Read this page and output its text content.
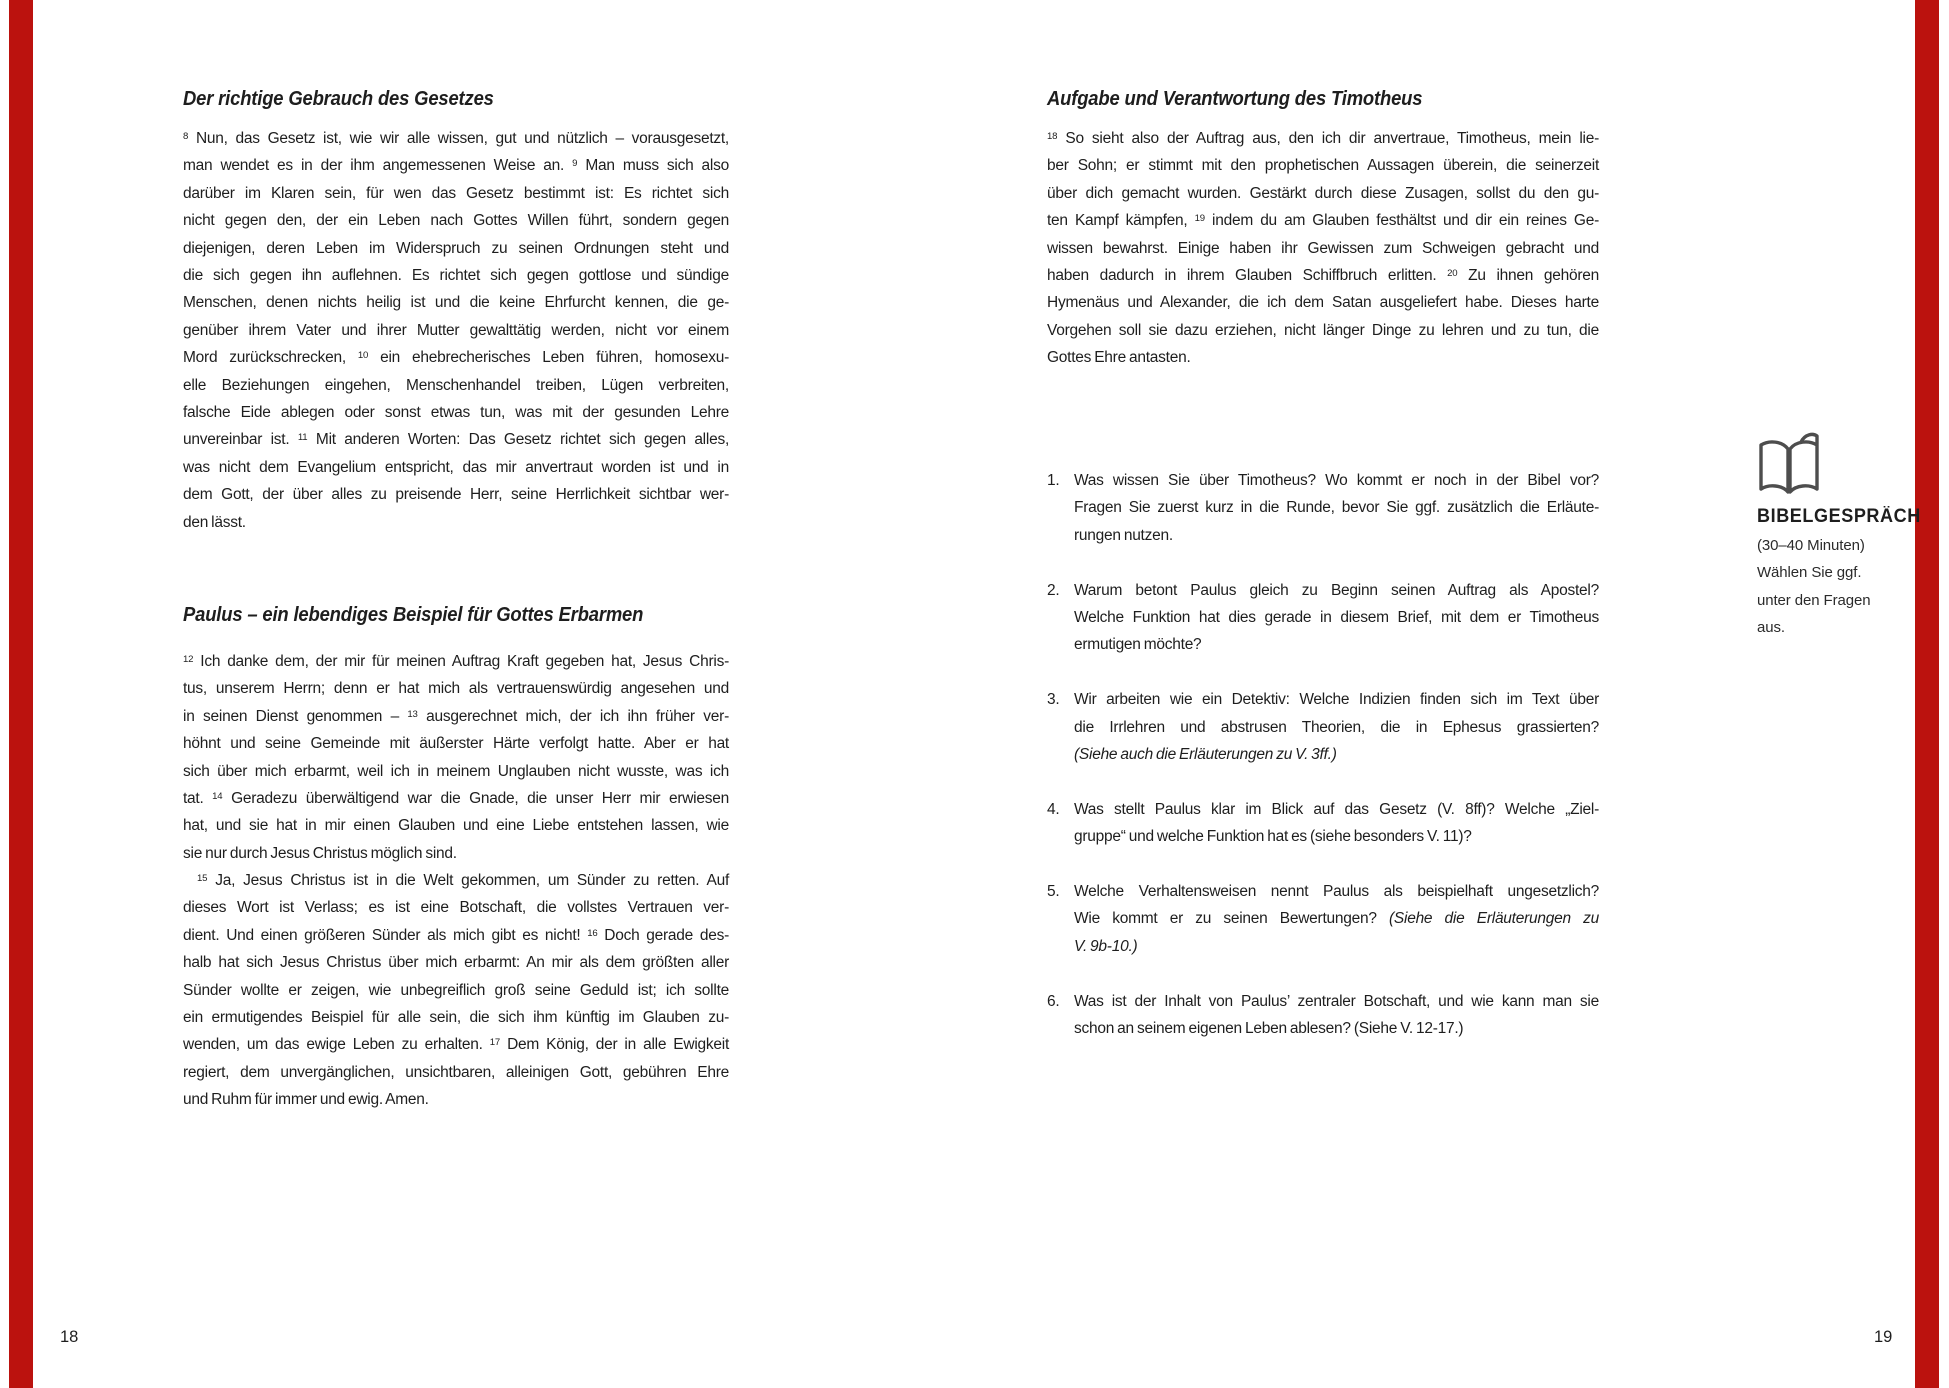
Der richtige Gebrauch des Gesetzes
$^8$ Nun, das Gesetz ist, wie wir alle wissen, gut und nützlich – vorausgesetzt,
man wendet es in der ihm angemessenen Weise an. $^9$ Man muss sich also
darüber im Klaren sein, für wen das Gesetz bestimmt ist: Es richtet sich
nicht gegen den, der ein Leben nach Gottes Willen führt, sondern gegen
diejenigen, deren Leben im Widerspruch zu seinen Ordnungen steht und
die sich gegen ihn auflehnen. Es richtet sich gegen gottlose und sündige
Menschen, denen nichts heilig ist und die keine Ehrfurcht kennen, die ge-
genüber ihrem Vater und ihrer Mutter gewalttätig werden, nicht vor einem
Mord zurückschrecken, $^{10}$ ein ehebrecherisches Leben führen, homosexu-
elle Beziehungen eingehen, Menschenhandel treiben, Lügen verbreiten,
falsche Eide ablegen oder sonst etwas tun, was mit der gesunden Lehre
unvereinbar ist. $^{11}$ Mit anderen Worten: Das Gesetz richtet sich gegen alles,
was nicht dem Evangelium entspricht, das mir anvertraut worden ist und in
dem Gott, der über alles zu preisende Herr, seine Herrlichkeit sichtbar wer-
den lässt.
Paulus – ein lebendiges Beispiel für Gottes Erbarmen
$^{12}$ Ich danke dem, der mir für meinen Auftrag Kraft gegeben hat, Jesus Chris-
tus, unserem Herrn; denn er hat mich als vertrauenswürdig angesehen und
in seinen Dienst genommen – $^{13}$ ausgerechnet mich, der ich ihn früher ver-
höhnt und seine Gemeinde mit äußerster Härte verfolgt hatte. Aber er hat
sich über mich erbarmt, weil ich in meinem Unglauben nicht wusste, was ich
tat. $^{14}$ Geradezu überwältigend war die Gnade, die unser Herr mir erwiesen
hat, und sie hat in mir einen Glauben und eine Liebe entstehen lassen, wie
sie nur durch Jesus Christus möglich sind.
$^{15}$ Ja, Jesus Christus ist in die Welt gekommen, um Sünder zu retten. Auf
dieses Wort ist Verlass; es ist eine Botschaft, die vollstes Vertrauen ver-
dient. Und einen größeren Sünder als mich gibt es nicht! $^{16}$ Doch gerade des-
halb hat sich Jesus Christus über mich erbarmt: An mir als dem größten aller
Sünder wollte er zeigen, wie unbegreiflich groß seine Geduld ist; ich sollte
ein ermutigendes Beispiel für alle sein, die sich ihm künftig im Glauben zu-
wenden, um das ewige Leben zu erhalten. $^{17}$ Dem König, der in alle Ewigkeit
regiert, dem unvergänglichen, unsichtbaren, alleinigen Gott, gebühren Ehre
und Ruhm für immer und ewig. Amen.
18
Aufgabe und Verantwortung des Timotheus
$^{18}$ So sieht also der Auftrag aus, den ich dir anvertraue, Timotheus, mein lie-
ber Sohn; er stimmt mit den prophetischen Aussagen überein, die seinerzeit
über dich gemacht wurden. Gestärkt durch diese Zusagen, sollst du den gu-
ten Kampf kämpfen, $^{19}$ indem du am Glauben festhältst und dir ein reines Ge-
wissen bewahrst. Einige haben ihr Gewissen zum Schweigen gebracht und
haben dadurch in ihrem Glauben Schiffbruch erlitten. $^{20}$ Zu ihnen gehören
Hymenäus und Alexander, die ich dem Satan ausgeliefert habe. Dieses harte
Vorgehen soll sie dazu erziehen, nicht länger Dinge zu lehren und zu tun, die
Gottes Ehre antasten.
1. Was wissen Sie über Timotheus? Wo kommt er noch in der Bibel vor?
Fragen Sie zuerst kurz in die Runde, bevor Sie ggf. zusätzlich die Erläute-
rungen nutzen.
2. Warum betont Paulus gleich zu Beginn seinen Auftrag als Apostel?
Welche Funktion hat dies gerade in diesem Brief, mit dem er Timotheus
ermutigen möchte?
3. Wir arbeiten wie ein Detektiv: Welche Indizien finden sich im Text über
die Irrlehren und abstrusen Theorien, die in Ephesus grassierten?
(Siehe auch die Erläuterungen zu V. 3ff.)
4. Was stellt Paulus klar im Blick auf das Gesetz (V. 8ff)? Welche „Ziel-
gruppe“ und welche Funktion hat es (siehe besonders V. 11)?
5. Welche Verhaltensweisen nennt Paulus als beispielhaft ungesetzlich?
Wie kommt er zu seinen Bewertungen? (Siehe die Erläuterungen zu
V. 9b-10.)
6. Was ist der Inhalt von Paulus’ zentraler Botschaft, und wie kann man sie
schon an seinem eigenen Leben ablesen? (Siehe V. 12-17.)
BIBELGESPRÄCH
(30–40 Minuten)
Wählen Sie ggf.
unter den Fragen
aus.
19
